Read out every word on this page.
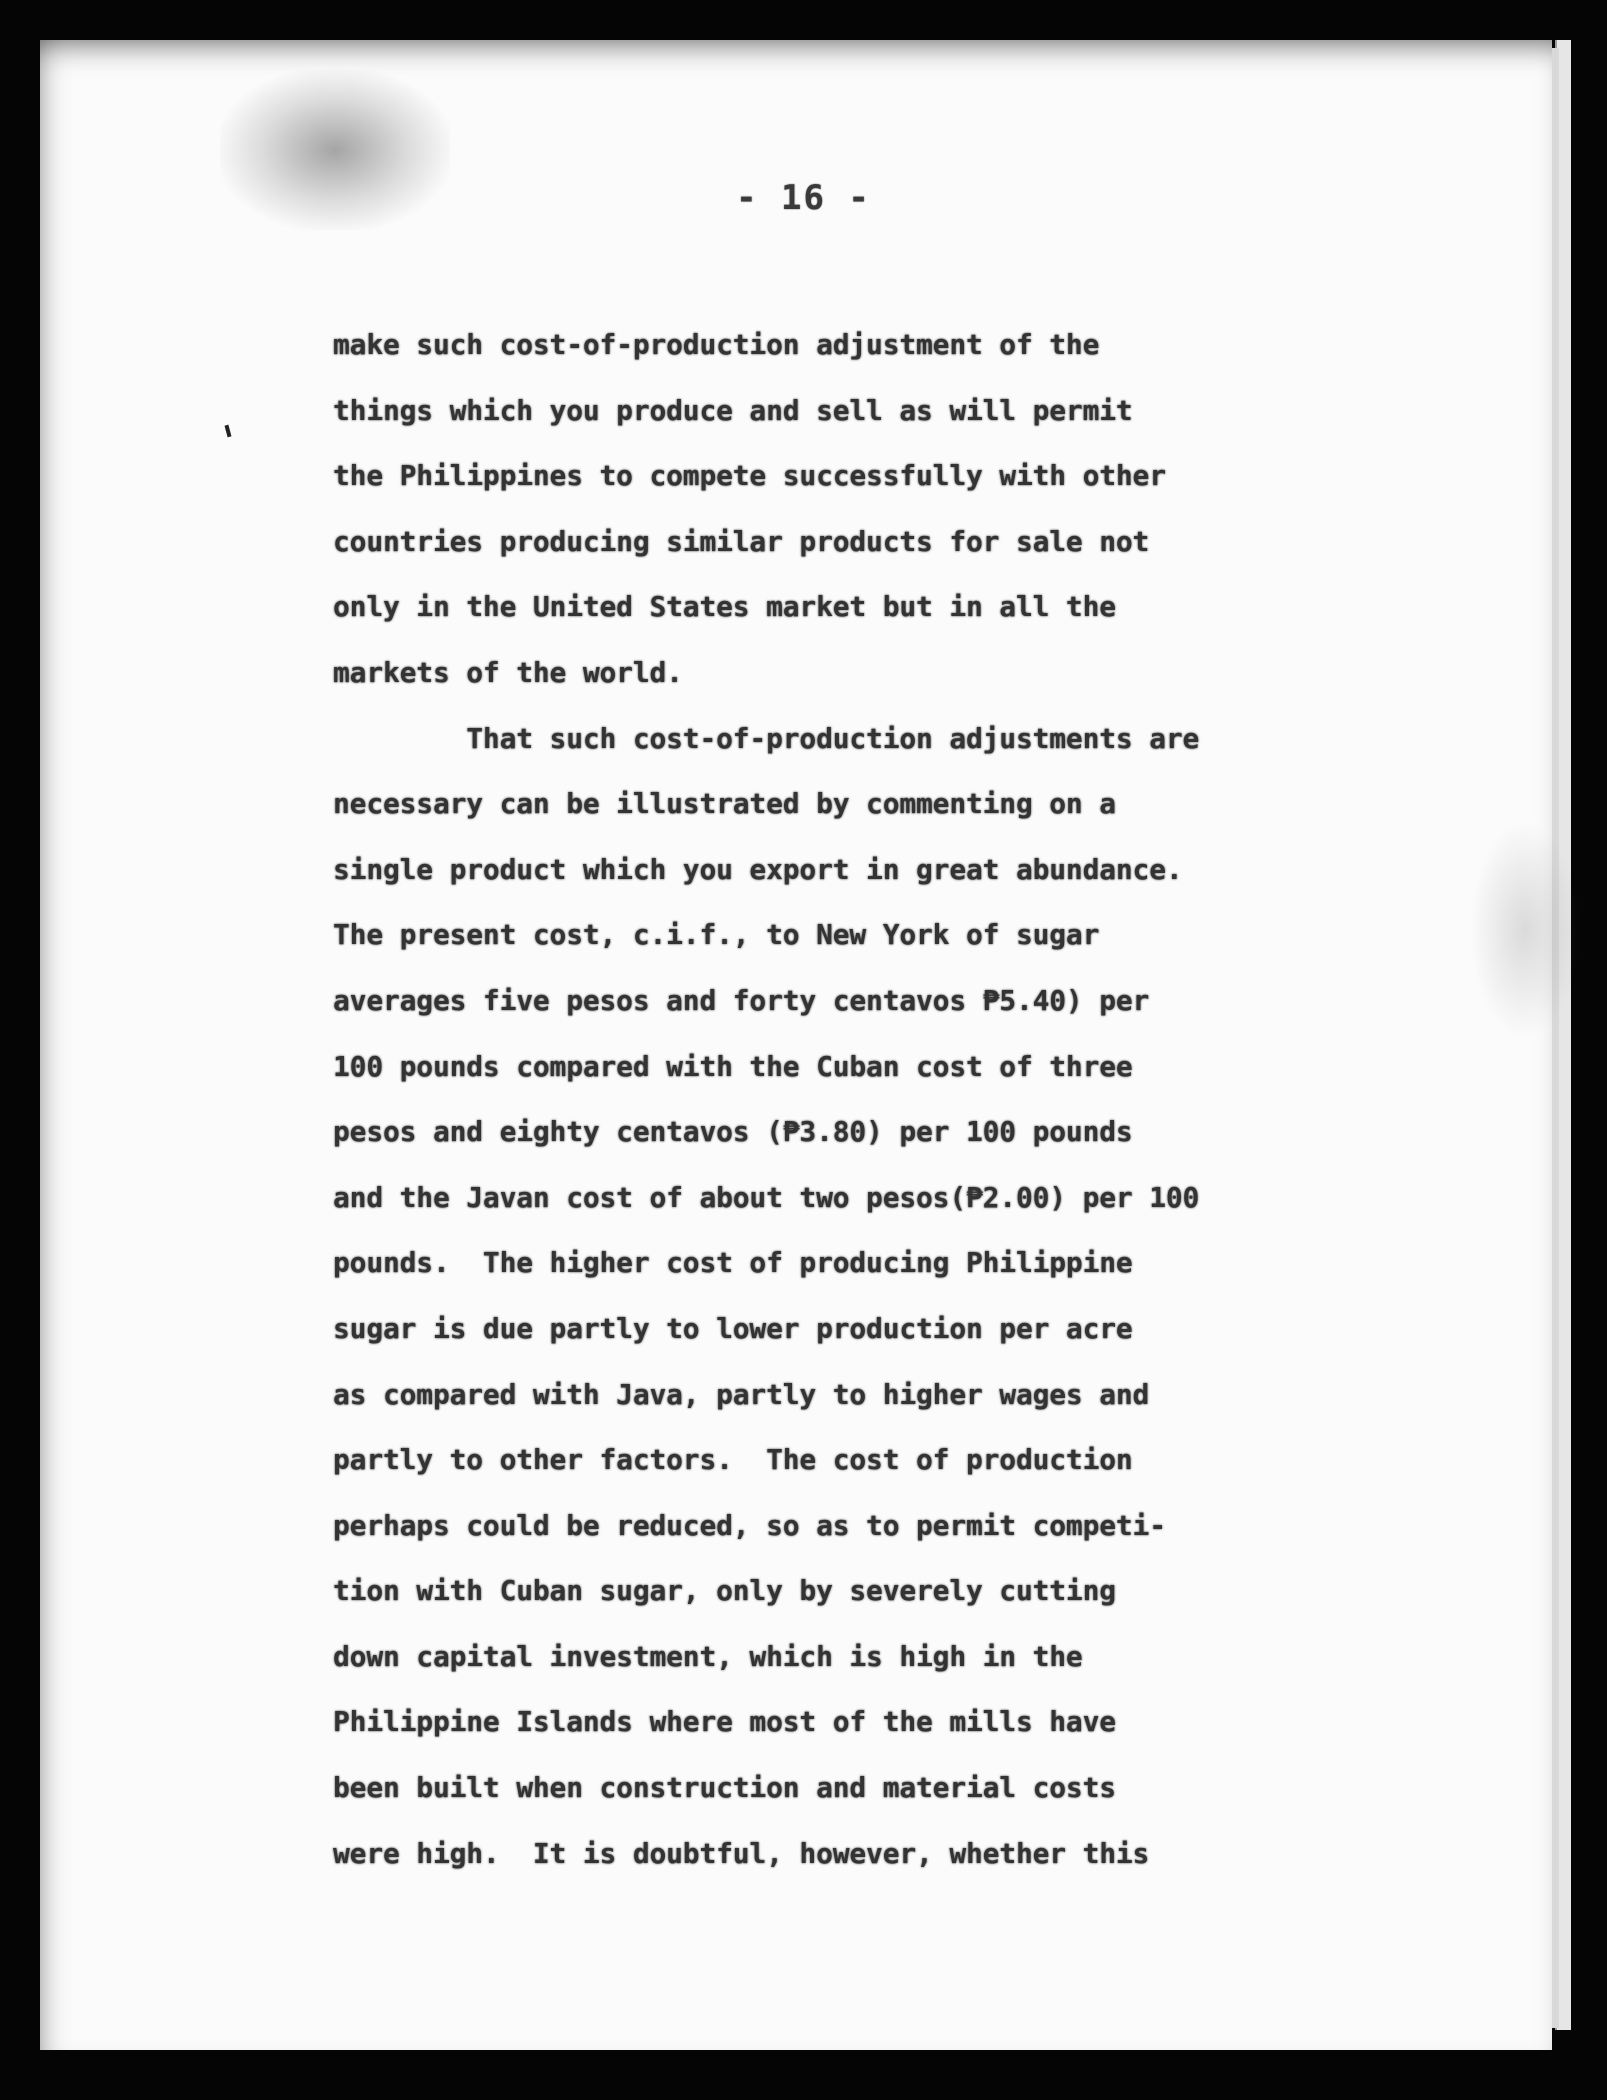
- 16 -
make such cost-of-production adjustment of the
things which you produce and sell as will permit
the Philippines to compete successfully with other
countries producing similar products for sale not
only in the United States market but in all the
markets of the world.
That such cost-of-production adjustments are
necessary can be illustrated by commenting on a
single product which you export in great abundance.
The present cost, c.i.f., to New York of sugar
averages five pesos and forty centavos ₱5.40) per
100 pounds compared with the Cuban cost of three
pesos and eighty centavos (₱3.80) per 100 pounds
and the Javan cost of about two pesos(₱2.00) per 100
pounds.  The higher cost of producing Philippine
sugar is due partly to lower production per acre
as compared with Java, partly to higher wages and
partly to other factors.  The cost of production
perhaps could be reduced, so as to permit competi-
tion with Cuban sugar, only by severely cutting
down capital investment, which is high in the
Philippine Islands where most of the mills have
been built when construction and material costs
were high.  It is doubtful, however, whether this
